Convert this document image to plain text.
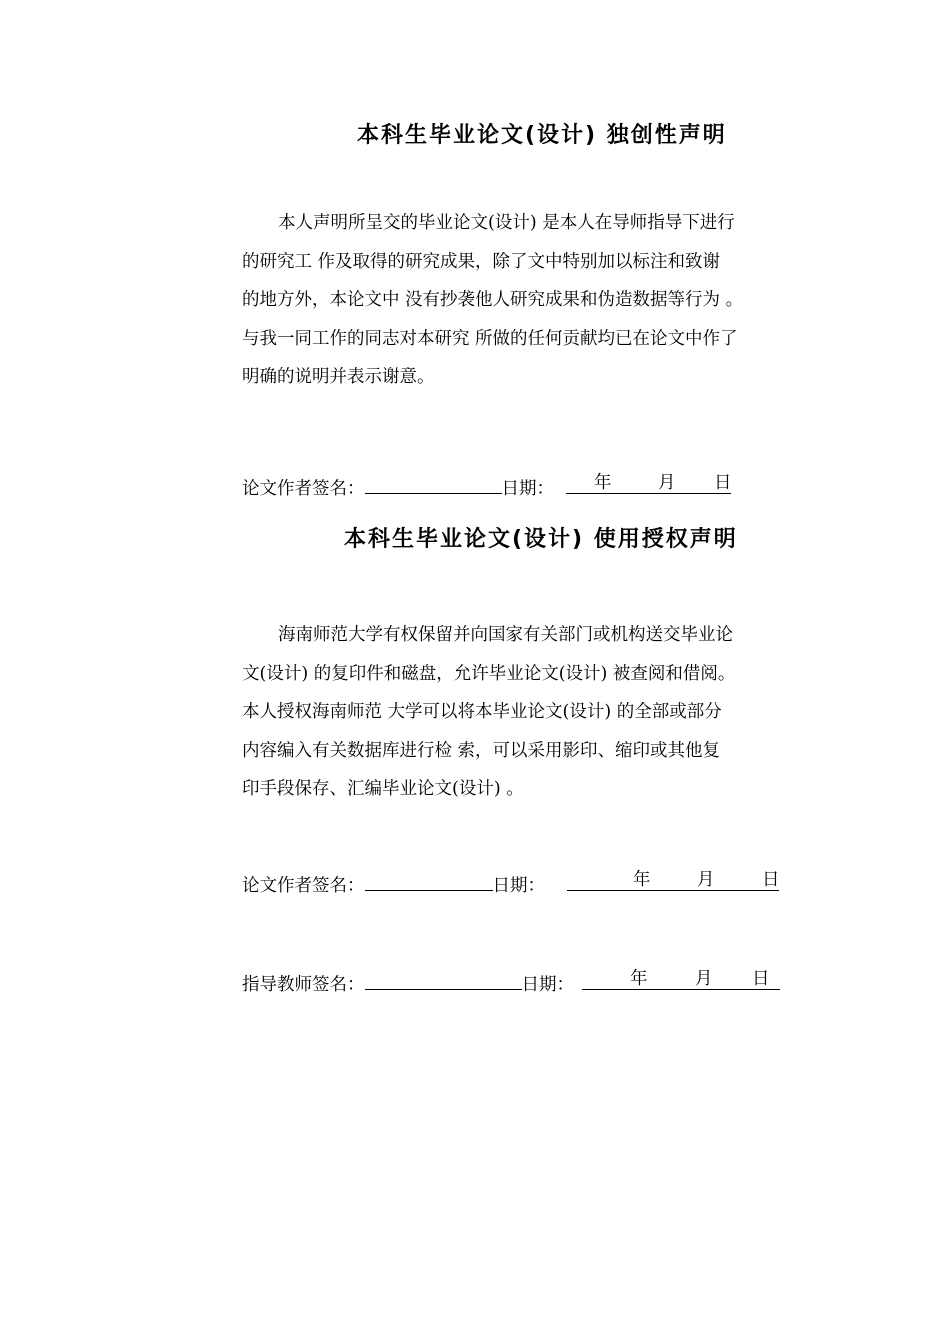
本科生毕业论文(设计) 独创性声明
本人声明所呈交的毕业论文(设计) 是本人在导师指导下进行
的研究工 作及取得的研究成果，除了文中特别加以标注和致谢
的地方外，本论文中 没有抄袭他人研究成果和伪造数据等行为 。
与我一同工作的同志对本研究 所做的任何贡献均已在论文中作了
明确的说明并表示谢意。
论文作者签名：	日期： 年	月 日
本科生毕业论文(设计) 使用授权声明
海南师范大学有权保留并向国家有关部门或机构送交毕业论
文(设计) 的复印件和磁盘，允许毕业论文(设计) 被查阅和借阅。
本人授权海南师范 大学可以将本毕业论文(设计) 的全部或部分
内容编入有关数据库进行检 索，可以采用影印、缩印或其他复
印手段保存、汇编毕业论文(设计) 。
论文作者签名：	日期：	年	月	日
指导教师签名：	日期：	年	月 日
